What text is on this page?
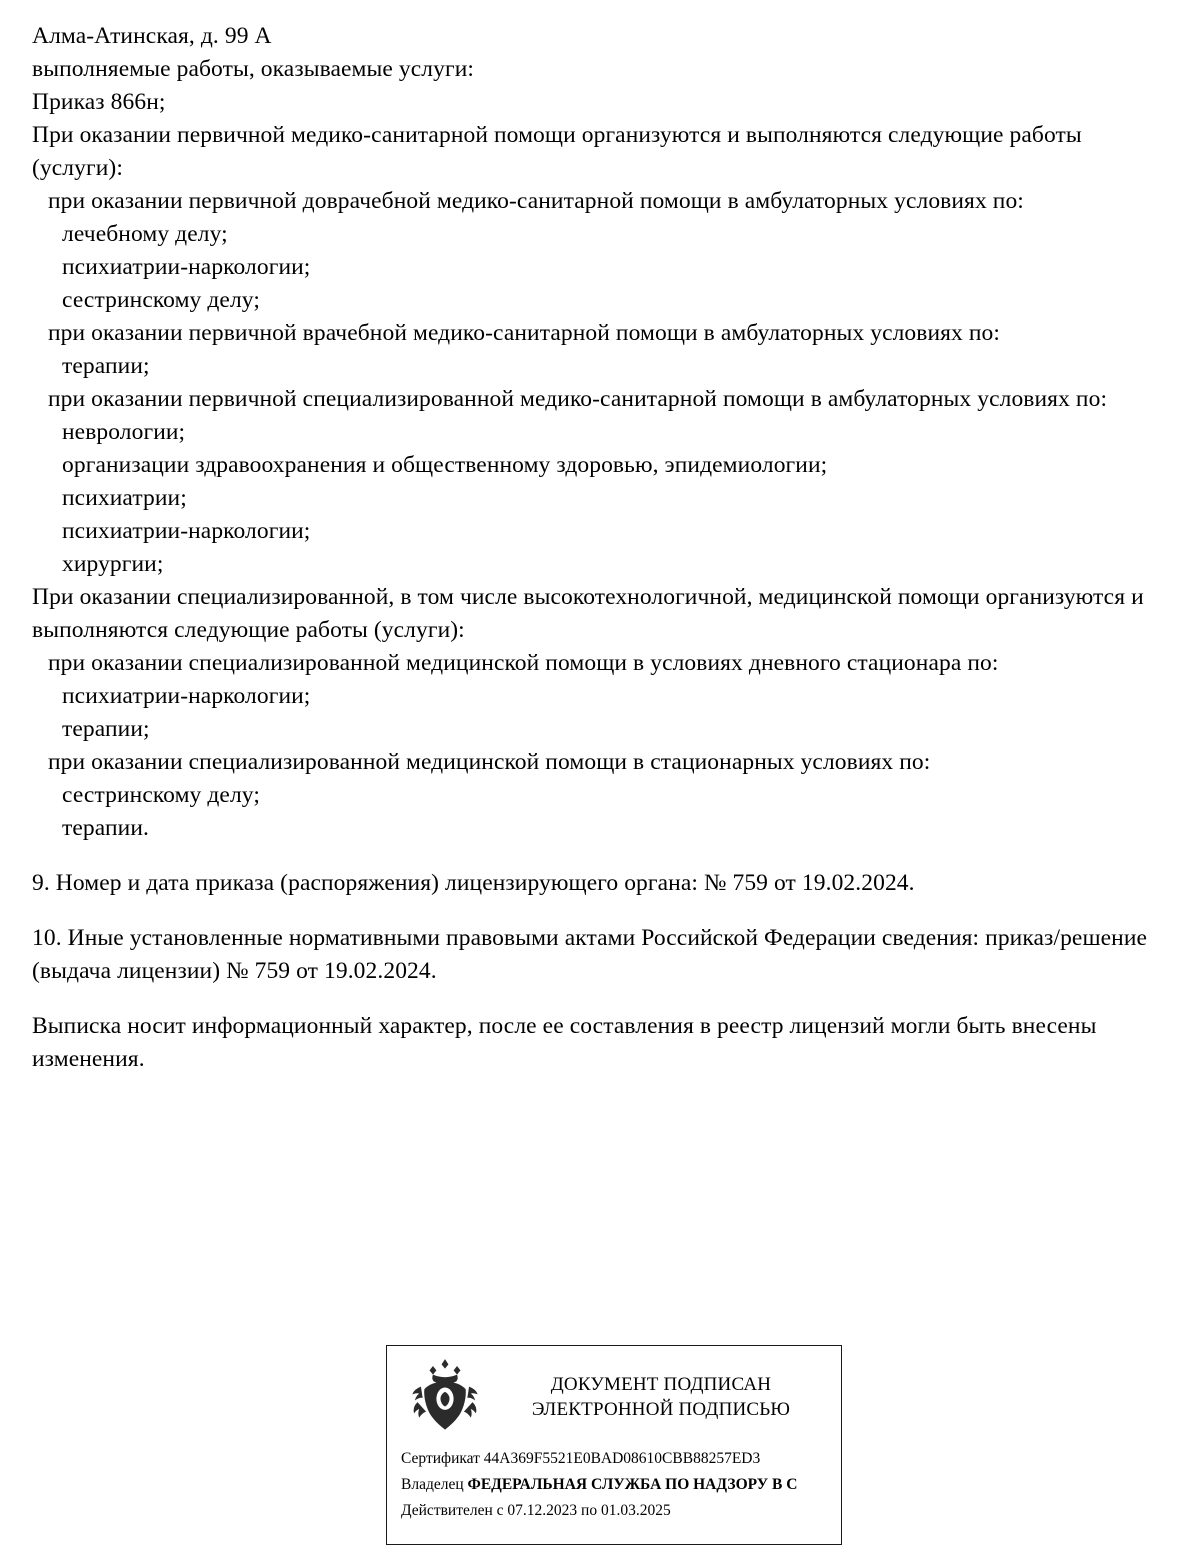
Алма-Атинская, д. 99 А

выполняемые работы, оказываемые услуги:

Приказ 866н;

При оказании первичной медико-санитарной помощи организуются и выполняются следующие работы (услуги):

при оказании первичной доврачебной медико-санитарной помощи в амбулаторных условиях по:

лечебному делу;

психиатрии-наркологии;

сестринскому делу;

при оказании первичной врачебной медико-санитарной помощи в амбулаторных условиях по:

терапии;

при оказании первичной специализированной медико-санитарной помощи в амбулаторных условиях по:

неврологии;

организации здравоохранения и общественному здоровью, эпидемиологии;

психиатрии;

психиатрии-наркологии;

хирургии;

При оказании специализированной, в том числе высокотехнологичной, медицинской помощи организуются и выполняются следующие работы (услуги):

при оказании специализированной медицинской помощи в условиях дневного стационара по:

психиатрии-наркологии;

терапии;

при оказании специализированной медицинской помощи в стационарных условиях по:

сестринскому делу;

терапии.

9. Номер и дата приказа (распоряжения) лицензирующего органа: № 759 от 19.02.2024.

10. Иные установленные нормативными правовыми актами Российской Федерации сведения: приказ/решение (выдача лицензии) № 759 от 19.02.2024.

Выписка носит информационный характер, после ее составления в реестр лицензий могли быть внесены изменения.

ДОКУМЕНТ ПОДПИСАН
ЭЛЕКТРОННОЙ ПОДПИСЬЮ
Сертификат 44A369F5521E0BAD08610CBB88257ED3
Владелец ФЕДЕРАЛЬНАЯ СЛУЖБА ПО НАДЗОРУ В С
Действителен с 07.12.2023 по 01.03.2025
